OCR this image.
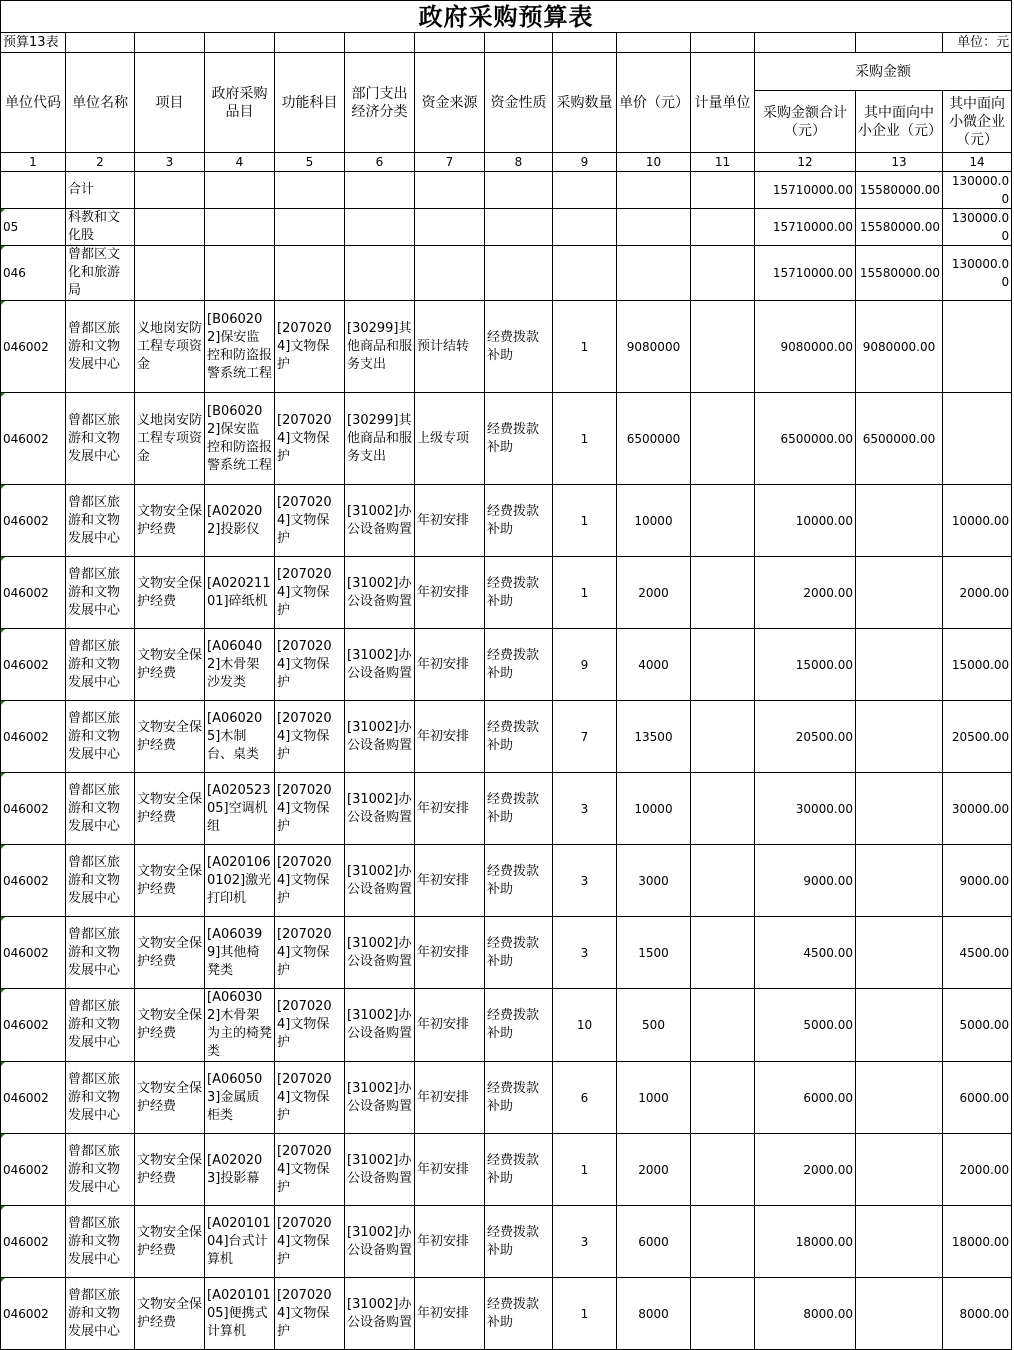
政府采购预算表													
预算13表													单位：元
单位代码	单位名称	项目	政府采购品目	功能科目	部门支出经济分类	资金来源	资金性质	采购数量	单价（元）	计量单位	采购金额		
											采购金额合计（元）	其中面向中小企业（元）	其中面向小微企业（元）
1	2	3	4	5	6	7	8	9	10	11	12	13	14
	合计										15710000.00	15580000.00	130000.00
05	科教和文化股										15710000.00	15580000.00	130000.00
046	曾都区文化和旅游局										15710000.00	15580000.00	130000.00
046002	曾都区旅游和文物发展中心	义地岗安防工程专项资金	[B060202]保安监控和防盗报警系统工程	[2070204]文物保护	[30299]其他商品和服务支出	预计结转	经费拨款补助	1	9080000		9080000.00	9080000.00	
046002	曾都区旅游和文物发展中心	义地岗安防工程专项资金	[B060202]保安监控和防盗报警系统工程	[2070204]文物保护	[30299]其他商品和服务支出	上级专项	经费拨款补助	1	6500000		6500000.00	6500000.00	
046002	曾都区旅游和文物发展中心	文物安全保护经费	[A020202]投影仪	[2070204]文物保护	[31002]办公设备购置	年初安排	经费拨款补助	1	10000		10000.00		10000.00
046002	曾都区旅游和文物发展中心	文物安全保护经费	[A02021101]碎纸机	[2070204]文物保护	[31002]办公设备购置	年初安排	经费拨款补助	1	2000		2000.00		2000.00
046002	曾都区旅游和文物发展中心	文物安全保护经费	[A060402]木骨架沙发类	[2070204]文物保护	[31002]办公设备购置	年初安排	经费拨款补助	9	4000		15000.00		15000.00
046002	曾都区旅游和文物发展中心	文物安全保护经费	[A060205]木制台、桌类	[2070204]文物保护	[31002]办公设备购置	年初安排	经费拨款补助	7	13500		20500.00		20500.00
046002	曾都区旅游和文物发展中心	文物安全保护经费	[A02052305]空调机组	[2070204]文物保护	[31002]办公设备购置	年初安排	经费拨款补助	3	10000		30000.00		30000.00
046002	曾都区旅游和文物发展中心	文物安全保护经费	[A0201060102]激光打印机	[2070204]文物保护	[31002]办公设备购置	年初安排	经费拨款补助	3	3000		9000.00		9000.00
046002	曾都区旅游和文物发展中心	文物安全保护经费	[A060399]其他椅凳类	[2070204]文物保护	[31002]办公设备购置	年初安排	经费拨款补助	3	1500		4500.00		4500.00
046002	曾都区旅游和文物发展中心	文物安全保护经费	[A060302]木骨架为主的椅凳类	[2070204]文物保护	[31002]办公设备购置	年初安排	经费拨款补助	10	500		5000.00		5000.00
046002	曾都区旅游和文物发展中心	文物安全保护经费	[A060503]金属质柜类	[2070204]文物保护	[31002]办公设备购置	年初安排	经费拨款补助	6	1000		6000.00		6000.00
046002	曾都区旅游和文物发展中心	文物安全保护经费	[A020203]投影幕	[2070204]文物保护	[31002]办公设备购置	年初安排	经费拨款补助	1	2000		2000.00		2000.00
046002	曾都区旅游和文物发展中心	文物安全保护经费	[A02010104]台式计算机	[2070204]文物保护	[31002]办公设备购置	年初安排	经费拨款补助	3	6000		18000.00		18000.00
046002	曾都区旅游和文物发展中心	文物安全保护经费	[A02010105]便携式计算机	[2070204]文物保护	[31002]办公设备购置	年初安排	经费拨款补助	1	8000		8000.00		8000.00
